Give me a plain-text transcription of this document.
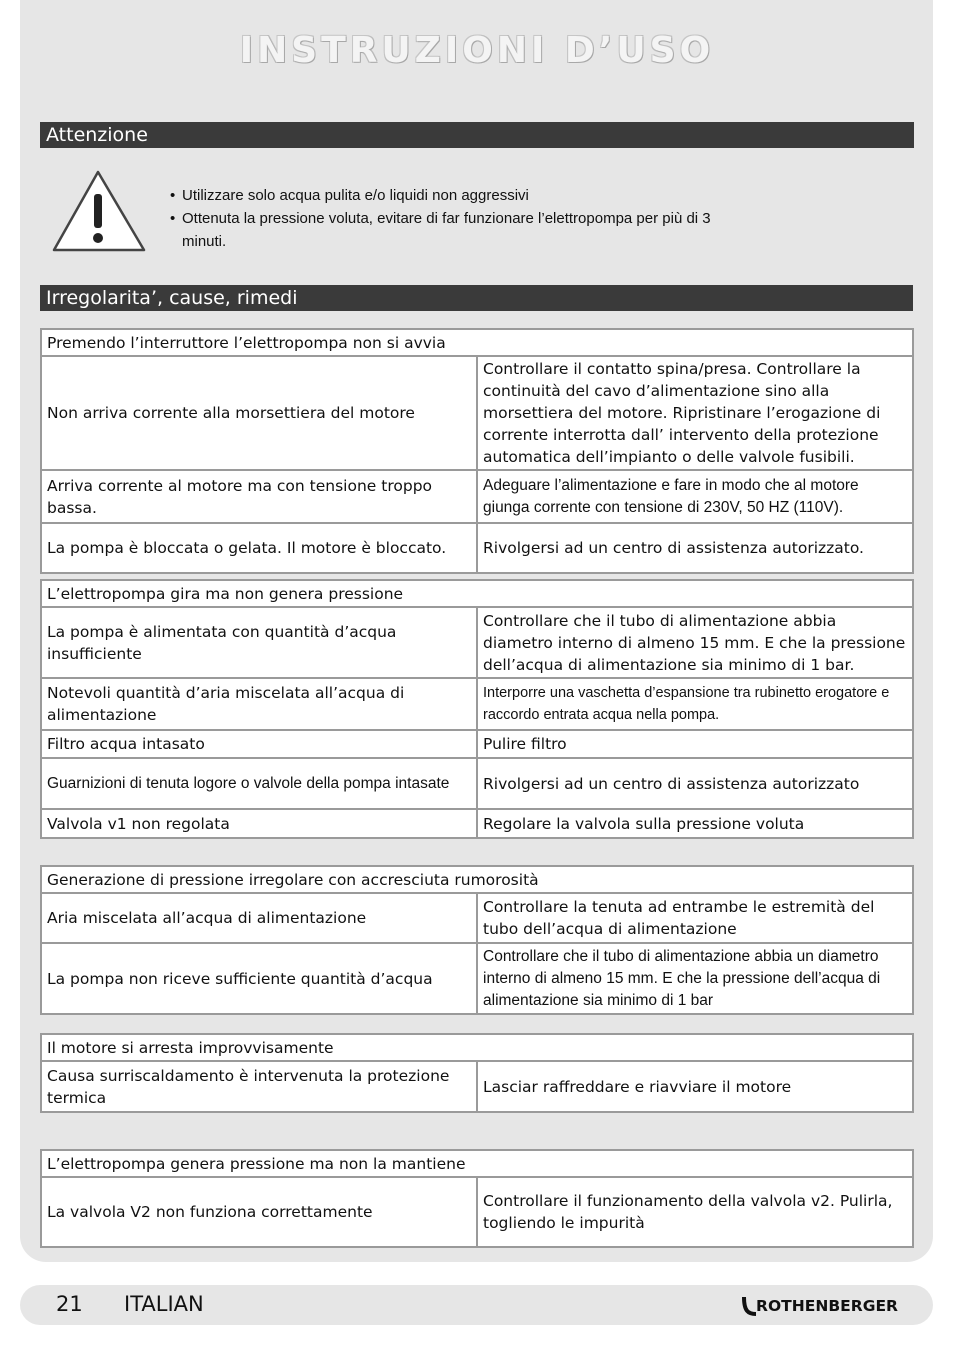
INSTRUZIONI D’USO
Attenzione
• Utilizzare solo acqua pulita e/o liquidi non aggressivi
• Ottenuta la pressione voluta, evitare di far funzionare l’elettropompa per più di 3 minuti.
Irregolarita’, cause, rimedi
Premendo l’interruttore l’elettropompa non si avvia	
Non arriva corrente alla morsettiera del motore	Controllare il contatto spina/presa. Controllare la continuità del cavo d’alimentazione sino alla morsettiera del motore. Ripristinare l’erogazione di corrente interrotta dall’ intervento della protezione automatica dell’impianto o delle valvole fusibili.
Arriva corrente al motore ma con tensione troppo bassa.	Adeguare l’alimentazione e fare in modo che al motore giunga corrente con tensione di 230V, 50 HZ (110V).
La pompa è bloccata o gelata. Il motore è bloccato.	Rivolgersi ad un centro di assistenza autorizzato.
L’elettropompa gira ma non genera pressione	
La pompa è alimentata con quantità d’acqua insufficiente	Controllare che il tubo di alimentazione abbia diametro interno di almeno 15 mm. E che la pressione dell’acqua di alimentazione sia minimo di 1 bar.
Notevoli quantità d’aria miscelata all’acqua di alimentazione	Interporre una vaschetta d’espansione tra rubinetto erogatore e raccordo entrata acqua nella pompa.
Filtro acqua intasato	Pulire filtro
Guarnizioni di tenuta logore o valvole della pompa intasate	Rivolgersi ad un centro di assistenza autorizzato
Valvola v1 non regolata	Regolare la valvola sulla pressione voluta
Generazione di pressione irregolare con accresciuta rumorosità	
Aria miscelata all’acqua di alimentazione	Controllare la tenuta ad entrambe le estremità del tubo dell’acqua di alimentazione
La pompa non riceve sufficiente quantità d’acqua	Controllare che il tubo di alimentazione abbia un diametro interno di almeno 15 mm. E che la pressione dell’acqua di alimentazione sia minimo di 1 bar
Il motore si arresta improvvisamente
Causa surriscaldamento è intervenuta la protezione termica	Lasciar raffreddare e riavviare il motore
L’elettropompa genera pressione ma non la mantiene
La valvola V2 non funziona correttamente	Controllare il funzionamento della valvola v2. Pulirla, togliendo le impurità
21 ITALIAN	ROTHENBERGER
